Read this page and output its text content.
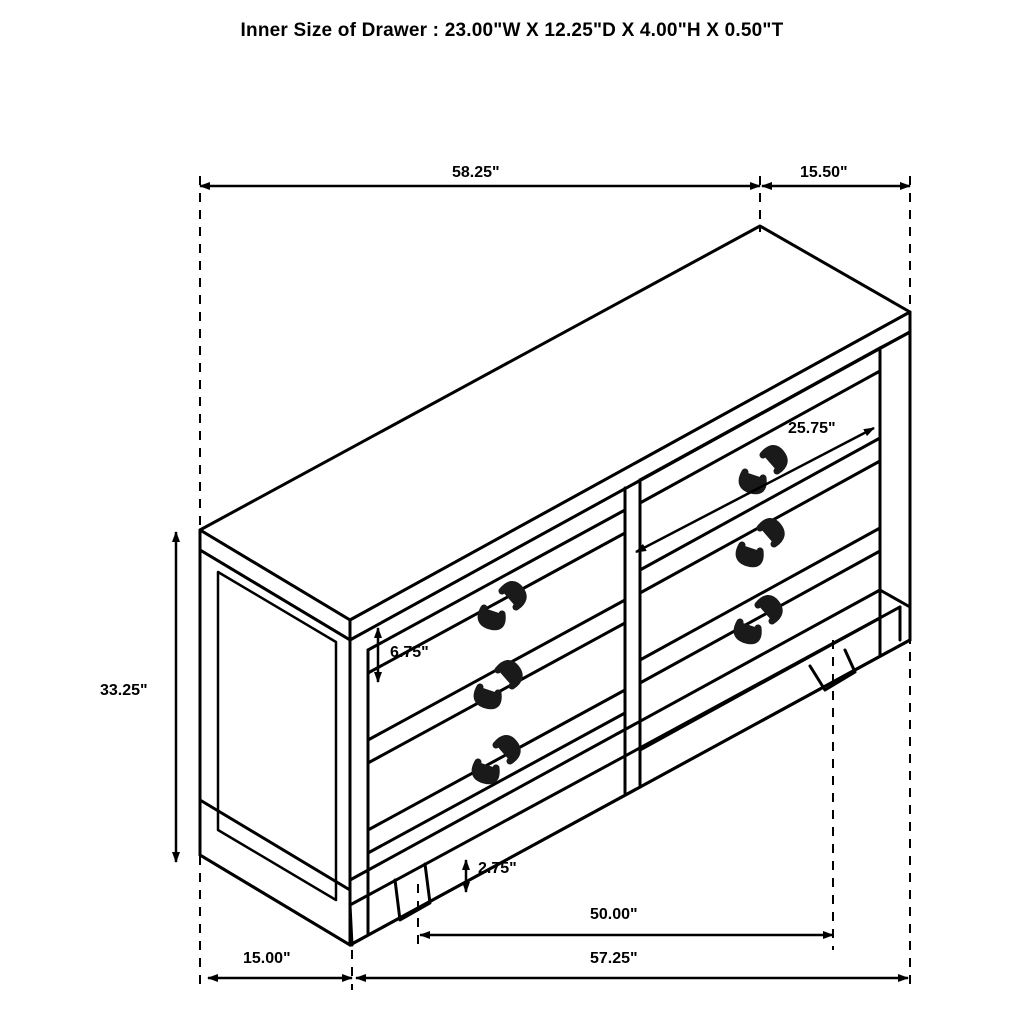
Inner Size of Drawer : 23.00"W X 12.25"D X 4.00"H X 0.50"T
58.25"	15.50"
33.25"
25.75"
6.75"
2.75"
50.00"
15.00"	57.25"
